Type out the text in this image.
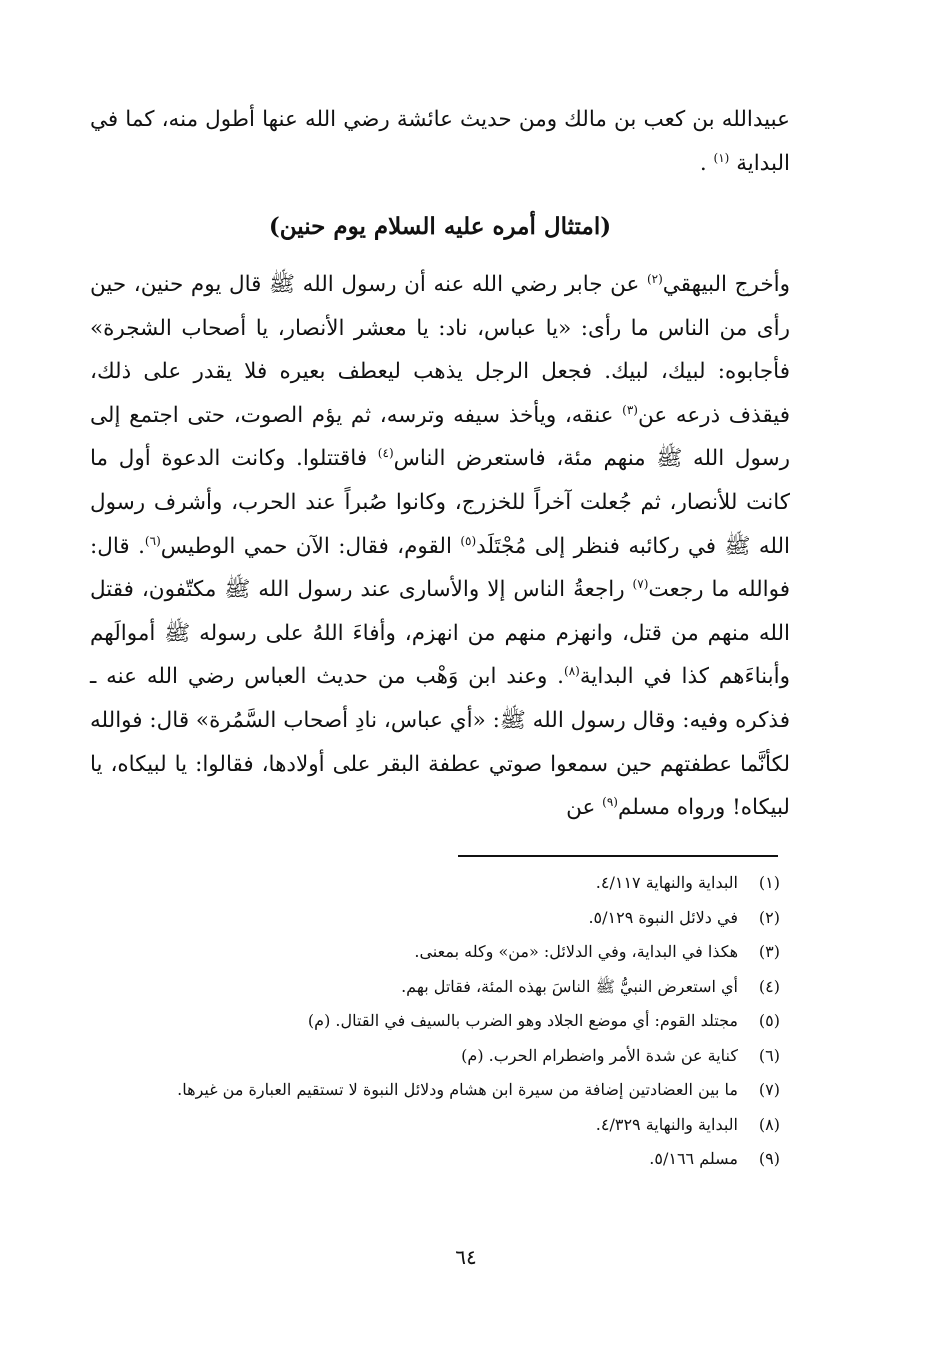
عبيدالله بن كعب بن مالك ومن حديث عائشة رضي الله عنها أطول منه، كما في البداية $^{(١)}$ .

(امتثال أمره عليه السلام يوم حنين)

وأخرج البيهقي$^{(٢)}$ عن جابر رضي الله عنه أن رسول الله ﷺ قال يوم حنين، حين رأى من الناس ما رأى: «يا عباس، ناد: يا معشر الأنصار، يا أصحاب الشجرة» فأجابوه: لبيك، لبيك. فجعل الرجل يذهب ليعطف بعيره فلا يقدر على ذلك، فيقذف ذرعه عن$^{(٣)}$ عنقه، ويأخذ سيفه وترسه، ثم يؤم الصوت، حتى اجتمع إلى رسول الله ﷺ منهم مئة، فاستعرض الناس$^{(٤)}$ فاقتتلوا. وكانت الدعوة أول ما كانت للأنصار، ثم جُعلت آخراً للخزرج، وكانوا صُبراً عند الحرب، وأشرف رسول الله ﷺ في ركائبه فنظر إلى مُجْتَلَد$^{(٥)}$ القوم، فقال: الآن حمي الوطيس$^{(٦)}$. قال: فوالله ما رجعت$^{(٧)}$ راجعةُ الناس إلا والأسارى عند رسول الله ﷺ مكتّفون، فقتل الله منهم من قتل، وانهزم منهم من انهزم، وأفاءَ اللهُ على رسوله ﷺ أموالَهم وأبناءَهم كذا في البداية$^{(٨)}$. وعند ابن وَهْب من حديث العباس رضي الله عنه ـ فذكره وفيه: وقال رسول الله ﷺ: «أي عباس، نادِ أصحاب السَّمُرة» قال: فوالله لكأنَّما عطفتهم حين سمعوا صوتي عطفة البقر على أولادها، فقالوا: يا لبيكاه، يا لبيكاه! ورواه مسلم$^{(٩)}$ عن

(١)
البداية والنهاية ٤/١١٧.
(٢)
في دلائل النبوة ٥/١٢٩.
(٣)
هكذا في البداية، وفي الدلائل: «من» وكله بمعنى.
(٤)
أي استعرض النبيُّ ﷺ الناسَ بهذه المئة، فقاتل بهم.
(٥)
مجتلد القوم: أي موضع الجلاد وهو الضرب بالسيف في القتال. (م)
(٦)
كناية عن شدة الأمر واضطرام الحرب. (م)
(٧)
ما بين العضادتين إضافة من سيرة ابن هشام ودلائل النبوة لا تستقيم العبارة من غيرها.
(٨)
البداية والنهاية ٤/٣٢٩.
(٩)
مسلم ٥/١٦٦.
٦٤
